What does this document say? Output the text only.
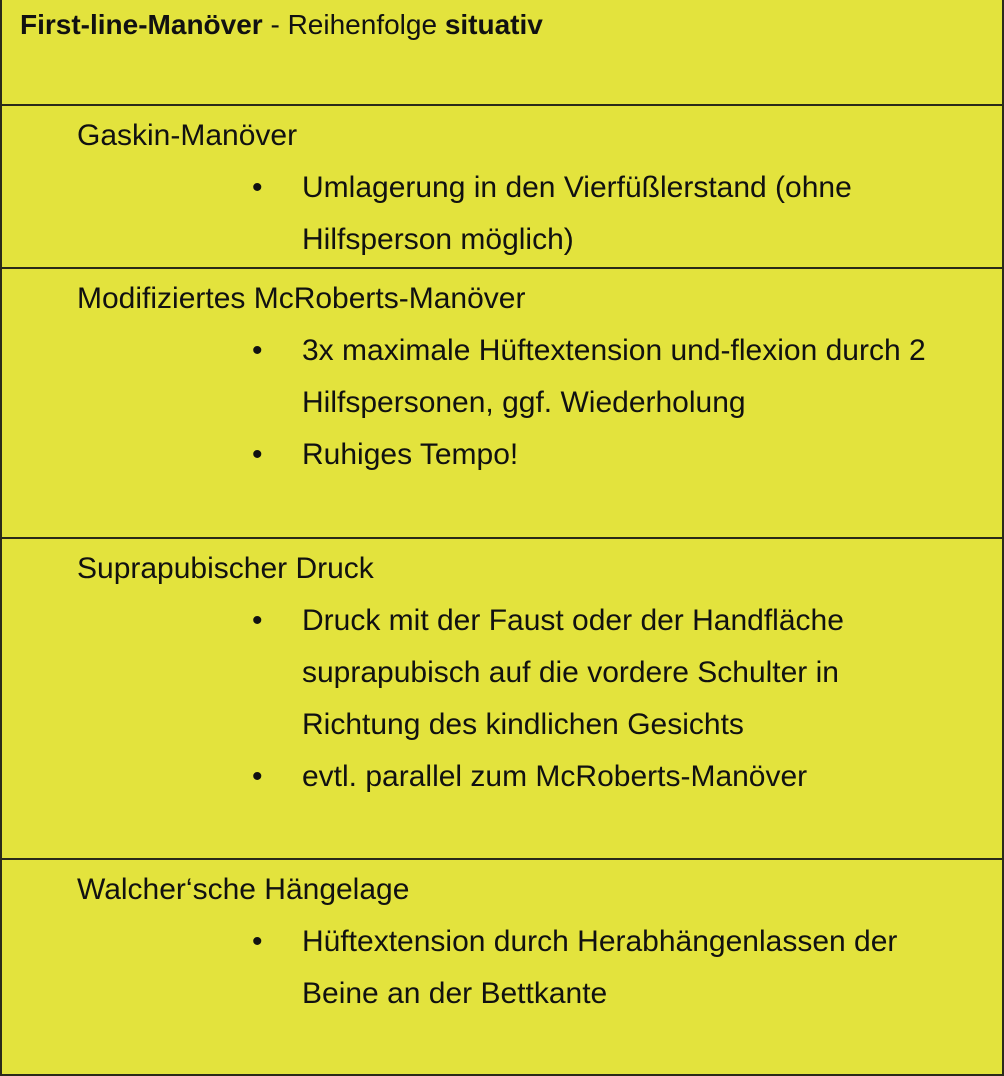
First-line-Manöver - Reihenfolge situativ
Gaskin-Manöver
• Umlagerung in den Vierfüßlerstand (ohne Hilfsperson möglich)
Modifiziertes McRoberts-Manöver
• 3x maximale Hüftextension und-flexion durch 2 Hilfspersonen, ggf. Wiederholung
• Ruhiges Tempo!
Suprapubischer Druck
• Druck mit der Faust oder der Handfläche suprapubisch auf die vordere Schulter in Richtung des kindlichen Gesichts
• evtl. parallel zum McRoberts-Manöver
Walcher‘sche Hängelage
• Hüftextension durch Herabhängenlassen der Beine an der Bettkante
